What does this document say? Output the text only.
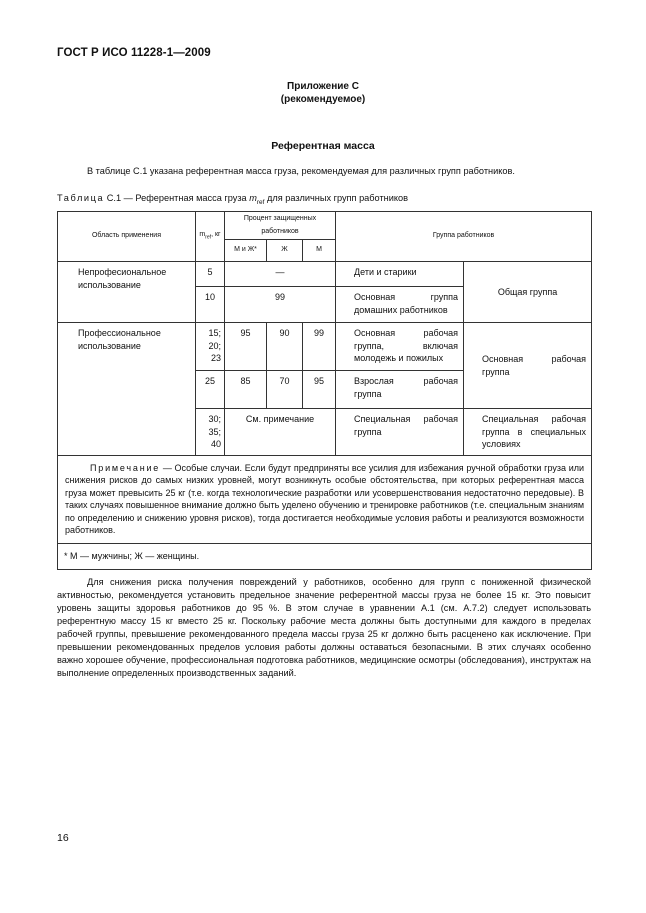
ГОСТ Р ИСО 11228-1—2009
Приложение С
(рекомендуемое)
Референтная масса
В таблице С.1 указана референтная масса груза, рекомендуемая для различных групп работников.
Таблица С.1 — Референтная масса груза $m_{ref}$ для различных групп работников
Область применения	$m_{ref}$, кг	Процент защищенных работников			Группа работников	
		М и Ж*	Ж	М		
Непрофесиональное использование	5	—			Дети и старики	Общая группа
	10	99			Основная группа домашних работников	
Профессиональное использование	15; 20; 23	95	90	99	Основная рабочая группа, включая молодежь и пожилых	Основная рабочая группа
	25	85	70	95	Взрослая рабочая группа	
	30; 35; 40	См. примечание			Специальная рабочая группа	Специальная рабочая группа в специальных условиях
Примечание — Особые случаи. Если будут предприняты все усилия для избежания ручной обработки груза или снижения рисков до самых низких уровней, могут возникнуть особые обстоятельства, при которых референтная масса груза может превысить 25 кг (т.е. когда технологические разработки или усовершенствования недостаточно передовые). В таких случаях повышенное внимание должно быть уделено обучению и тренировке работников (т.е. специальным знаниям по определению и снижению уровня рисков), тогда достигается необходимые условия работы и реализуются возможности работников.						
* М — мужчины; Ж — женщины.						
Для снижения риска получения повреждений у работников, особенно для групп с пониженной физической активностью, рекомендуется установить предельное значение референтной массы груза не более 15 кг. Это повысит уровень защиты здоровья работников до 95 %. В этом случае в уравнении А.1 (см. А.7.2) следует использовать референтную массу 15 кг вместо 25 кг. Поскольку рабочие места должны быть доступными для каждого в пределах рабочей группы, превышение рекомендованного предела массы груза 25 кг должно быть расценено как исключение. При превышении рекомендованных пределов условия работы должны оставаться безопасными. В этих случаях особенно важно хорошее обучение, профессиональная подготовка работников, медицинские осмотры (обследования), инструктаж на выполнение определенных производственных заданий.
16
